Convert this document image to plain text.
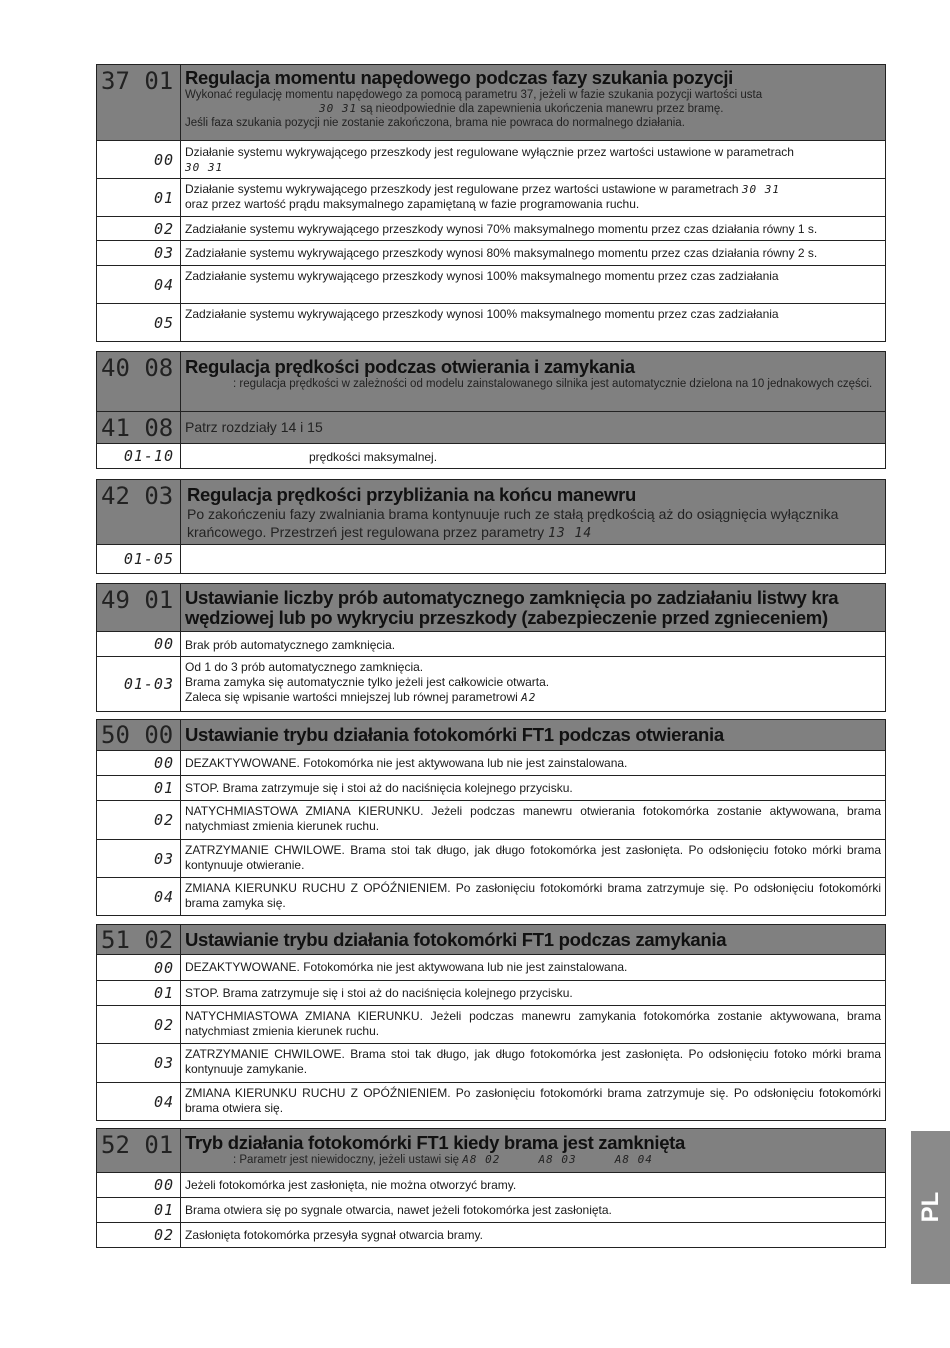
37 01 Regulacja momentu napędowego podczas fazy szukania pozycji
Wykonać regulację momentu napędowego za pomocą parametru 37, jeżeli w fazie szukania pozycji wartości usta
30 31 są nieodpowiednie dla zapewnienia ukończenia manewru przez bramę.
Jeśli faza szukania pozycji nie zostanie zakończona, brama nie powraca do normalnego działania.
00 Działanie systemu wykrywającego przeszkody jest regulowane wyłącznie przez wartości ustawione w parametrach
30 31
01 Działanie systemu wykrywającego przeszkody jest regulowane przez wartości ustawione w parametrach 30 31
oraz przez wartość prądu maksymalnego zapamiętaną w fazie programowania ruchu.
02 Zadziałanie systemu wykrywającego przeszkody wynosi 70% maksymalnego momentu przez czas działania równy 1 s.
03 Zadziałanie systemu wykrywającego przeszkody wynosi 80% maksymalnego momentu przez czas działania równy 2 s.
04 Zadziałanie systemu wykrywającego przeszkody wynosi 100% maksymalnego momentu przez czas zadziałania
05 Zadziałanie systemu wykrywającego przeszkody wynosi 100% maksymalnego momentu przez czas zadziałania
40 08 Regulacja prędkości podczas otwierania i zamykania
: regulacja prędkości w zależności od modelu zainstalowanego silnika jest automatycznie dzielona na 10 jednakowych części.
41 08 Patrz rozdziały 14 i 15
01-10	prędkości maksymalnej.
42 03 Regulacja prędkości przybliżania na końcu manewru
Po zakończeniu fazy zwalniania brama kontynuuje ruch ze stałą prędkością aż do osiągnięcia wyłącznika krańcowego. Przestrzeń jest regulowana przez parametry 13 14
01-05
49 01 Ustawianie liczby prób automatycznego zamknięcia po zadziałaniu listwy kra
wędziowej lub po wykryciu przeszkody (zabezpieczenie przed zgnieceniem)
00 Brak prób automatycznego zamknięcia.
01-03
Od 1 do 3 prób automatycznego zamknięcia.
Brama zamyka się automatycznie tylko jeżeli jest całkowicie otwarta.
Zaleca się wpisanie wartości mniejszej lub równej parametrowi A2
50 00 Ustawianie trybu działania fotokomórki FT1 podczas otwierania
00 DEZAKTYWOWANE. Fotokomórka nie jest aktywowana lub nie jest zainstalowana.
01 STOP. Brama zatrzymuje się i stoi aż do naciśnięcia kolejnego przycisku.
02 NATYCHMIASTOWA ZMIANA KIERUNKU. Jeżeli podczas manewru otwierania fotokomórka zostanie aktywowana, brama natychmiast zmienia kierunek ruchu.
03 ZATRZYMANIE CHWILOWE. Brama stoi tak długo, jak długo fotokomórka jest zasłonięta. Po odsłonięciu fotoko mórki brama kontynuuje otwieranie.
04 ZMIANA KIERUNKU RUCHU Z OPÓŹNIENIEM. Po zasłonięciu fotokomórki brama zatrzymuje się. Po odsłonięciu fotokomórki brama zamyka się.
51 02 Ustawianie trybu działania fotokomórki FT1 podczas zamykania
00 DEZAKTYWOWANE. Fotokomórka nie jest aktywowana lub nie jest zainstalowana.
01 STOP. Brama zatrzymuje się i stoi aż do naciśnięcia kolejnego przycisku.
02 NATYCHMIASTOWA ZMIANA KIERUNKU. Jeżeli podczas manewru zamykania fotokomórka zostanie aktywowana, brama natychmiast zmienia kierunek ruchu.
03 ZATRZYMANIE CHWILOWE. Brama stoi tak długo, jak długo fotokomórka jest zasłonięta. Po odsłonięciu fotoko mórki brama kontynuuje zamykanie.
04 ZMIANA KIERUNKU RUCHU Z OPÓŹNIENIEM. Po zasłonięciu fotokomórki brama zatrzymuje się. Po odsłonięciu fotokomórki brama otwiera się.
52 01 Tryb działania fotokomórki FT1 kiedy brama jest zamknięta
: Parametr jest niewidoczny, jeżeli ustawi się A8 02     A8 03     A8 04
00 Jeżeli fotokomórka jest zasłonięta, nie można otworzyć bramy.
01 Brama otwiera się po sygnale otwarcia, nawet jeżeli fotokomórka jest zasłonięta.
02 Zasłonięta fotokomórka przesyła sygnał otwarcia bramy.
PL
